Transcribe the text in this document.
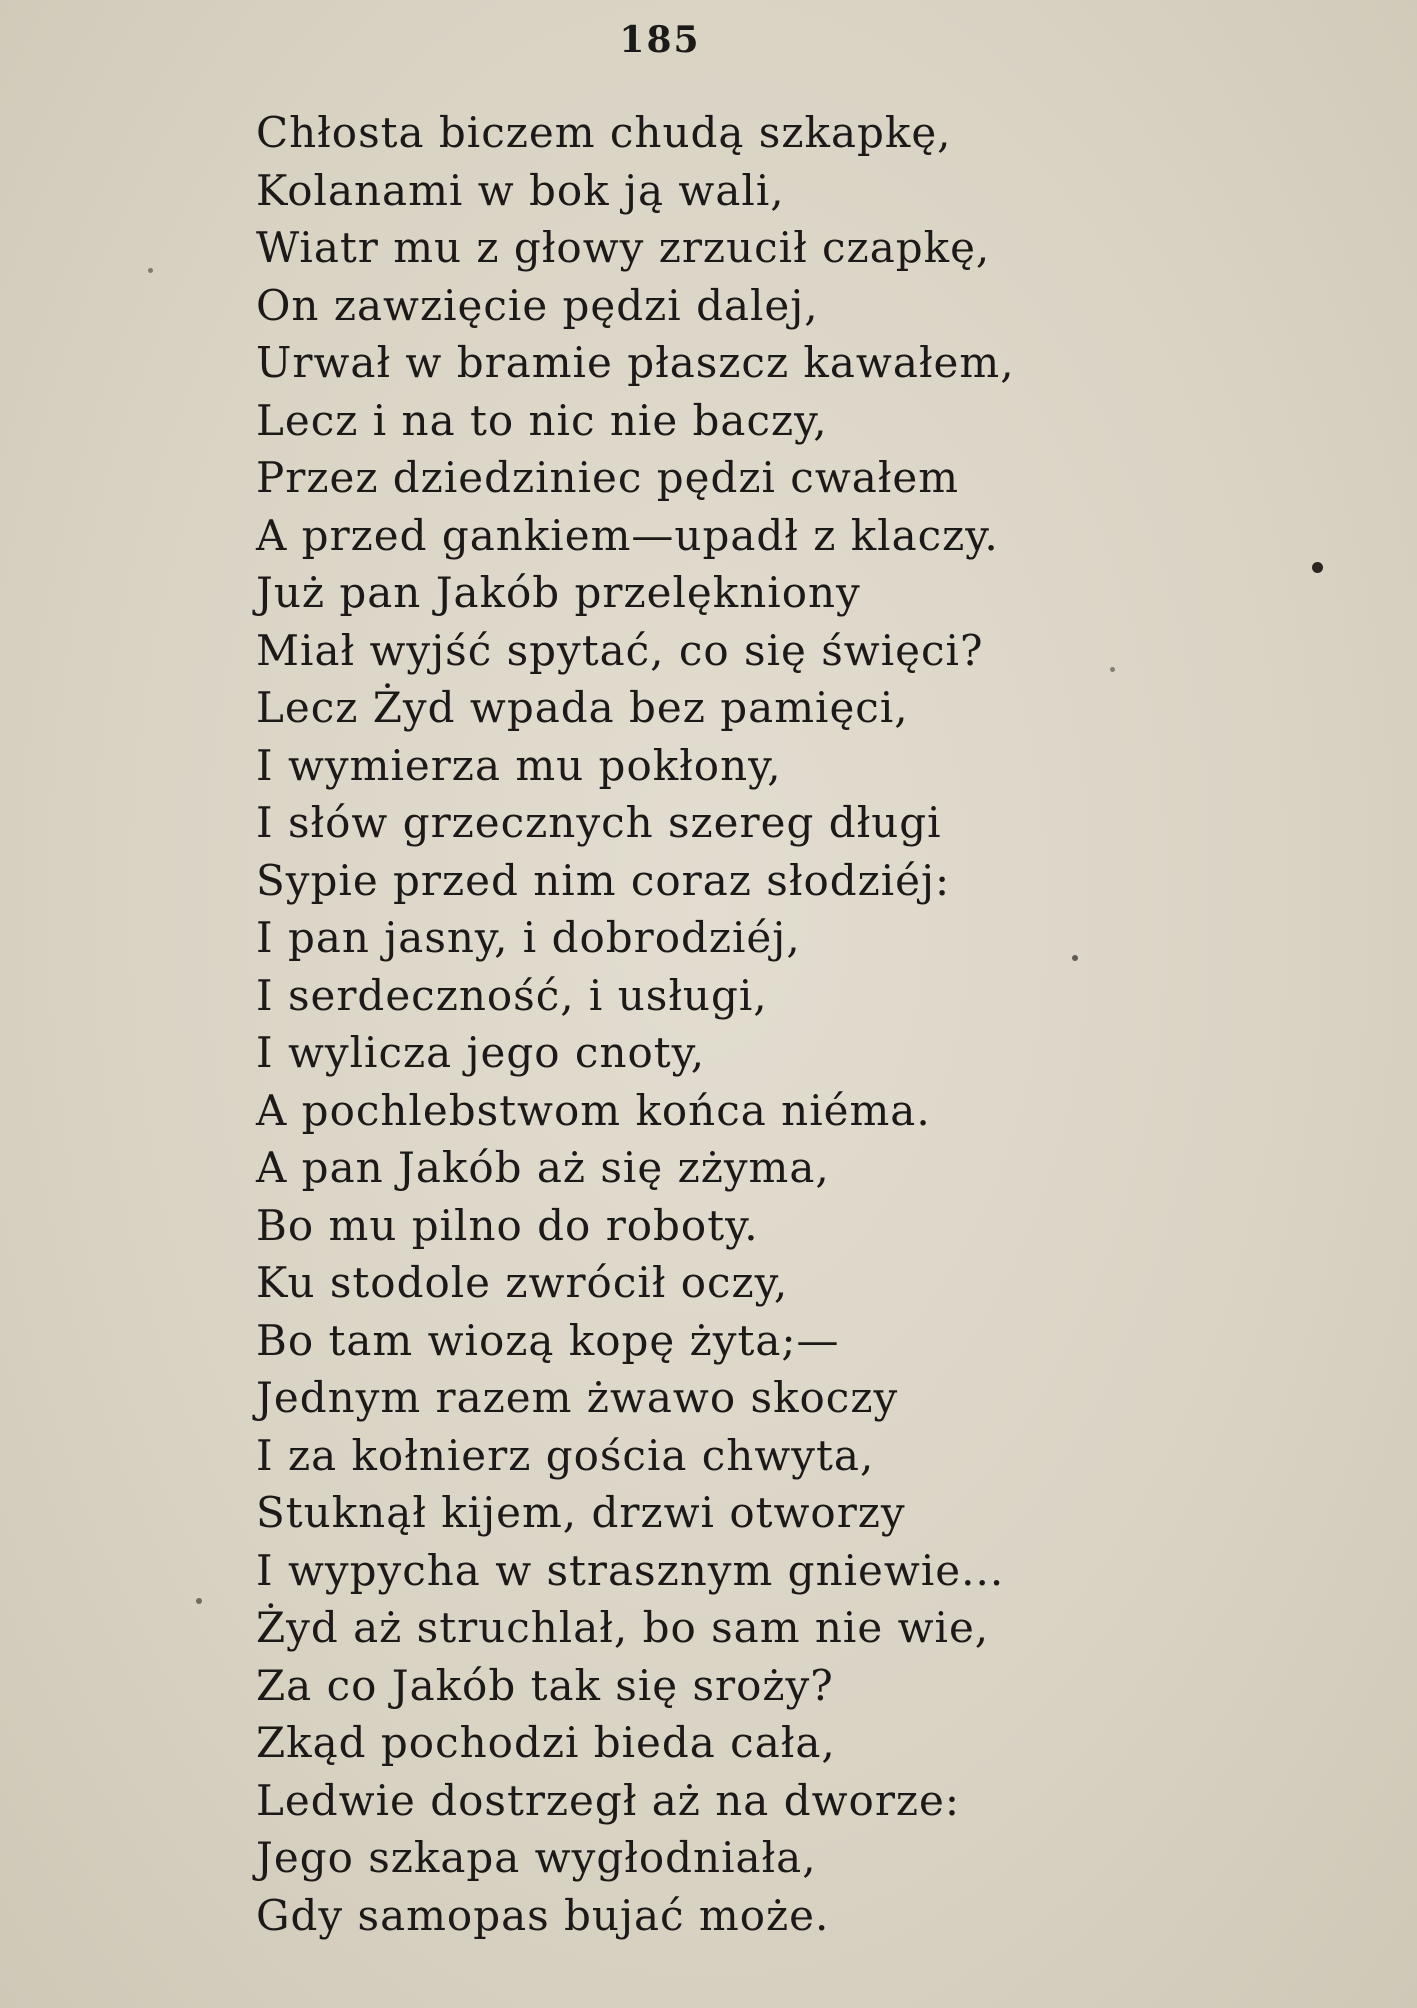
185
Chłosta biczem chudą szkapkę,
Kolanami w bok ją wali,
Wiatr mu z głowy zrzucił czapkę,
On zawzięcie pędzi dalej,
Urwał w bramie płaszcz kawałem,
Lecz i na to nic nie baczy,
Przez dziedziniec pędzi cwałem
A przed gankiem—upadł z klaczy.
Już pan Jakób przelękniony
Miał wyjść spytać, co się święci?
Lecz Żyd wpada bez pamięci,
I wymierza mu pokłony,
I słów grzecznych szereg długi
Sypie przed nim coraz słodziéj:
I pan jasny, i dobrodziéj,
I serdeczność, i usługi,
I wylicza jego cnoty,
A pochlebstwom końca niéma.
A pan Jakób aż się zżyma,
Bo mu pilno do roboty.
Ku stodole zwrócił oczy,
Bo tam wiozą kopę żyta;—
Jednym razem żwawo skoczy
I za kołnierz gościa chwyta,
Stuknął kijem, drzwi otworzy
I wypycha w strasznym gniewie...
Żyd aż struchlał, bo sam nie wie,
Za co Jakób tak się sroży?
Zkąd pochodzi bieda cała,
Ledwie dostrzegł aż na dworze:
Jego szkapa wygłodniała,
Gdy samopas bujać może.
